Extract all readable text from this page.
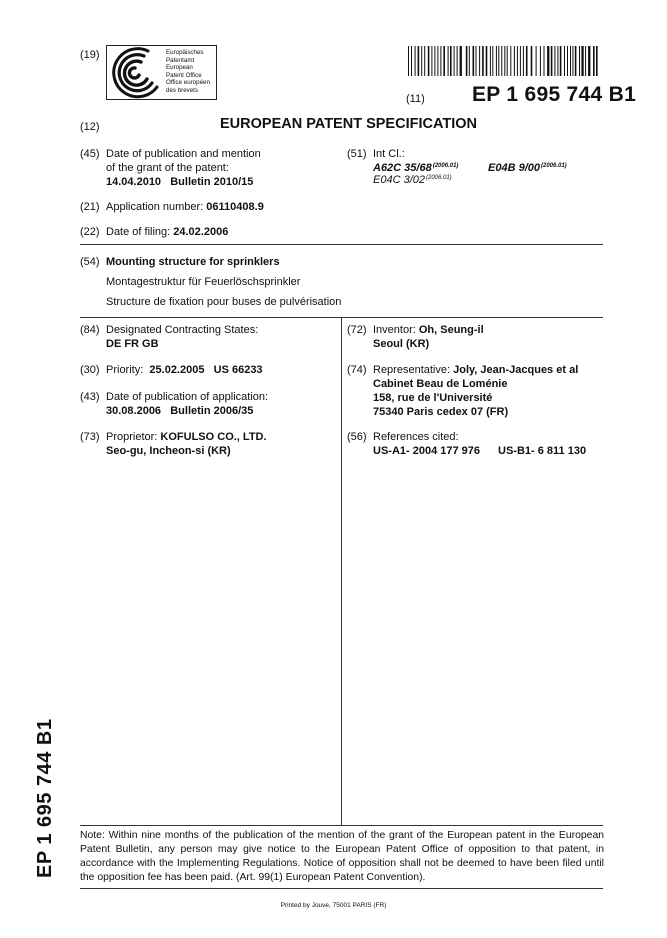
(19)	Europäisches
Patentamt
European
Patent Office
Office européen
des brevets
(11) EP 1 695 744 B1
(12)	EUROPEAN PATENT SPECIFICATION
(45) Date of publication and mention
of the grant of the patent:
14.04.2010   Bulletin 2010/15
(51) Int Cl.:
A62C $35/68^{(2006.01)}$	E04B $9/00^{(2006.01)}$
E04C $3/02^{(2006.01)}$
(21) Application number: 06110408.9
(22) Date of filing: 24.02.2006
(54) Mounting structure for sprinklers
Montagestruktur für Feuerlöschsprinkler
Structure de fixation pour buses de pulvérisation
(84) Designated Contracting States:
DE FR GB
(30) Priority: 25.02.2005   US 66233
(43) Date of publication of application:
30.08.2006   Bulletin 2006/35
(73) Proprietor: KOFULSO CO., LTD.
Seo-gu, Incheon-si (KR)
(72) Inventor: Oh, Seung-il
Seoul (KR)
(74) Representative: Joly, Jean-Jacques et al
Cabinet Beau de Loménie
158, rue de l'Université
75340 Paris cedex 07 (FR)
(56) References cited:
US-A1- 2004 177 976 US-B1- 6 811 130
EP 1 695 744 B1 Note: Within nine months of the publication of the mention of the grant of the European patent in the European Patent Bulletin, any person may give notice to the European Patent Office of opposition to that patent, in accordance with the Implementing Regulations. Notice of opposition shall not be deemed to have been filed until the opposition fee has been paid. (Art. 99(1) European Patent Convention).
Printed by Jouve, 75001 PARIS (FR)
